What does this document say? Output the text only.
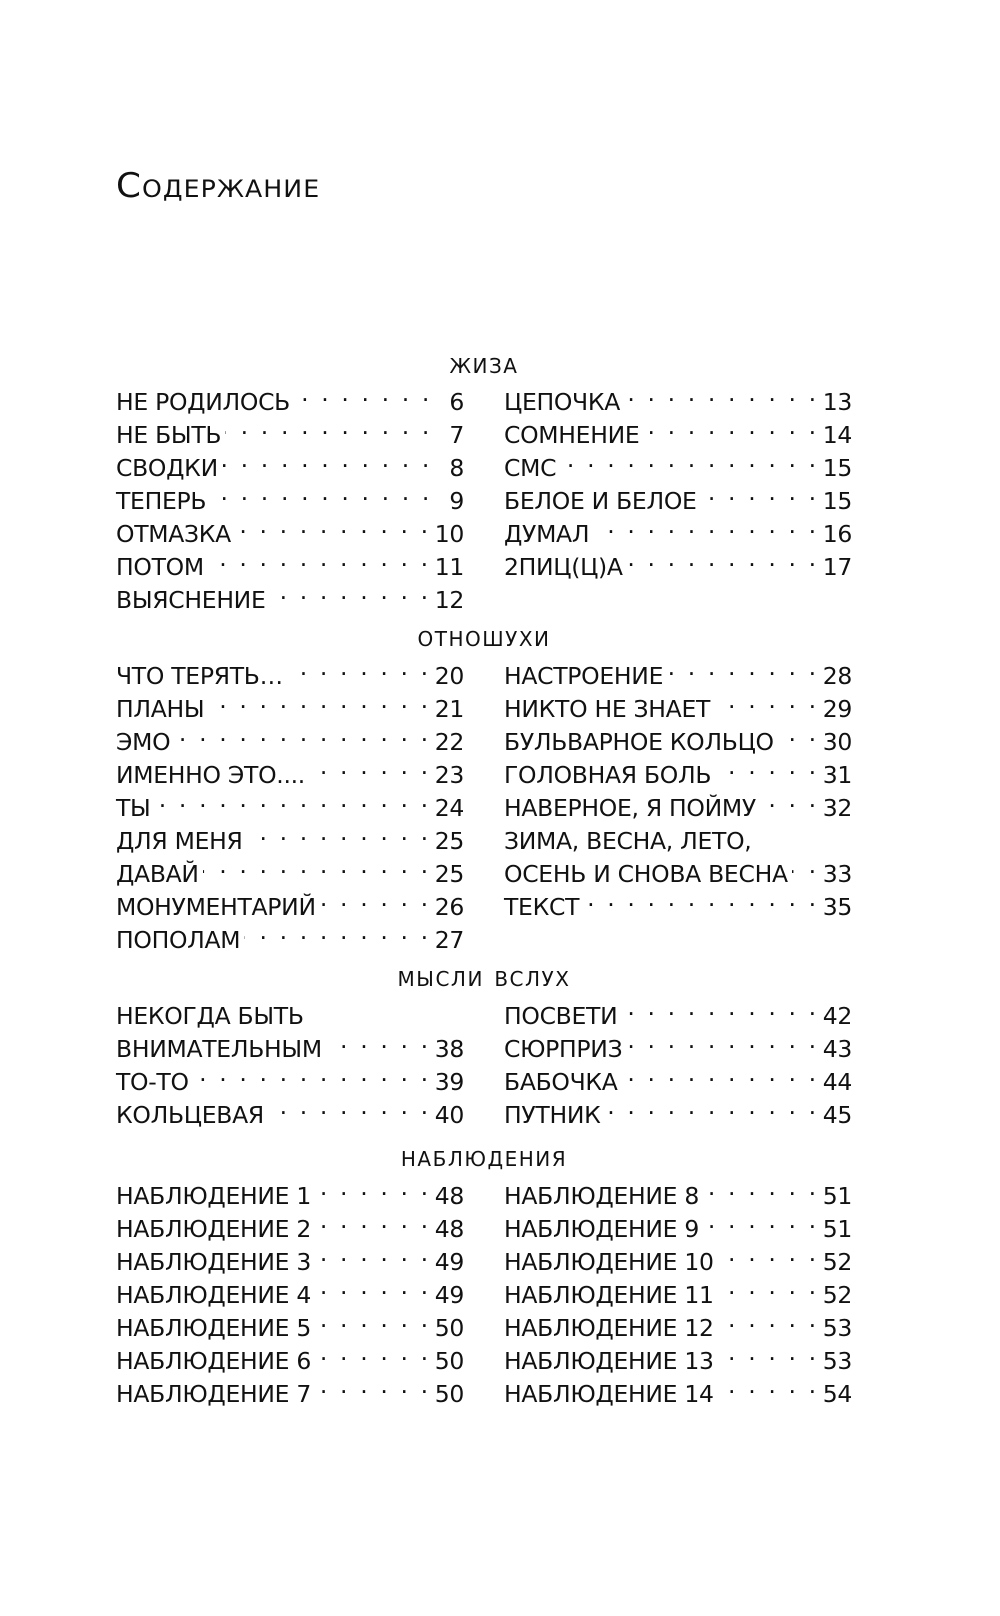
Содержание
жиза
НЕ РОДИЛОСЬ . . .	6
НЕ БЫТЬ . . .	7
СВОДКИ . . .	8
ТЕПЕРЬ . . .	9
ОТМАЗКА . . .	10
ПОТОМ . . .	11
ВЫЯСНЕНИЕ . . .	12
ЦЕПОЧКА . . .	13
СОМНЕНИЕ . . .	14
СМС . . .	15
БЕЛОЕ И БЕЛОЕ . . .	15
ДУМАЛ . . .	16
2ПИЦ(Ц)А . . .	17
отношухи
ЧТО ТЕРЯТЬ… . . .	20
ПЛАНЫ . . .	21
ЭМО . . .	22
ИМЕННО ЭТО.... . . .	23
ТЫ . . .	24
ДЛЯ МЕНЯ . . .	25
ДАВАЙ . . .	25
МОНУМЕНТАРИЙ . . .	26
ПОПОЛАМ . . .	27
НАСТРОЕНИЕ . . .	28
НИКТО НЕ ЗНАЕТ . . .	29
БУЛЬВАРНОЕ КОЛЬЦО . . . 30
ГОЛОВНАЯ БОЛЬ . . .	31
НАВЕРНОЕ, Я ПОЙМУ . . .	32
ЗИМА, ВЕСНА, ЛЕТО,
ОСЕНЬ И СНОВА ВЕСНА . . . 33
ТЕКСТ . . .	35
мысли вслух
НЕКОГДА БЫТЬ
ВНИМАТЕЛЬНЫМ . . .	38
ТО-ТО . . .	39
КОЛЬЦЕВАЯ . . .	40
ПОСВЕТИ . . .	42
СЮРПРИЗ . . .	43
БАБОЧКА . . .	44
ПУТНИК . . .	45
наблюдения
НАБЛЮДЕНИЕ 1 . . .	48
НАБЛЮДЕНИЕ 2 . . .	48
НАБЛЮДЕНИЕ 3 . . .	49
НАБЛЮДЕНИЕ 4 . . .	49
НАБЛЮДЕНИЕ 5 . . .	50
НАБЛЮДЕНИЕ 6 . . .	50
НАБЛЮДЕНИЕ 7 . . .	50
НАБЛЮДЕНИЕ 8 . . .	51
НАБЛЮДЕНИЕ 9 . . .	51
НАБЛЮДЕНИЕ 10 . . .	52
НАБЛЮДЕНИЕ 11 . . .	52
НАБЛЮДЕНИЕ 12 . . .	53
НАБЛЮДЕНИЕ 13 . . .	53
НАБЛЮДЕНИЕ 14 . . .	54
